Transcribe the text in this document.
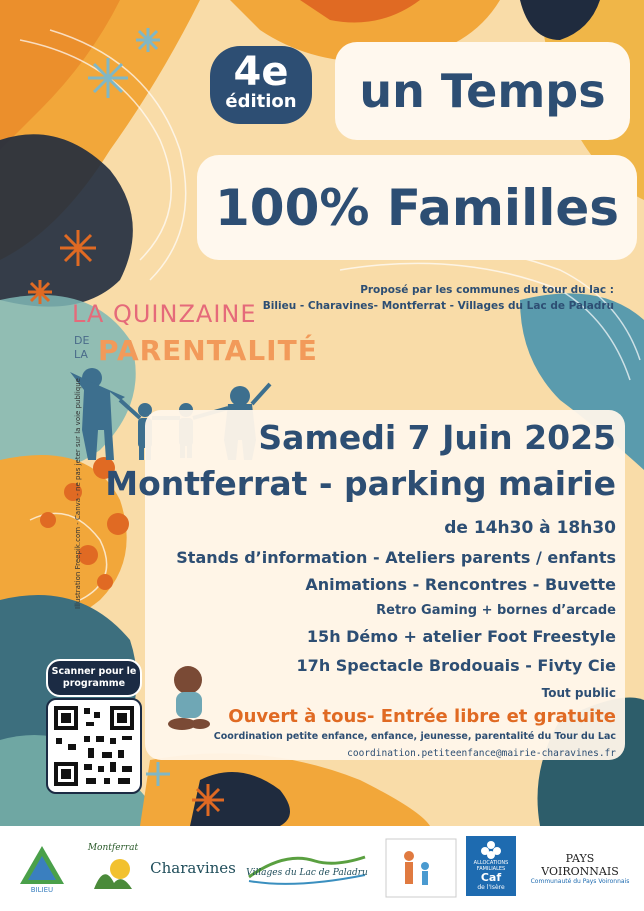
4e
édition	un Temps
100% Familles
Proposé par les communes du tour du lac :
Bilieu - Charavines- Montferrat - Villages du Lac de Paladru
LA QUINZAINE
DE
LA PARENTALITÉ
Samedi 7 Juin 2025
Montferrat - parking mairie
de 14h30 à 18h30
Stands d’information - Ateliers parents / enfants
Animations - Rencontres - Buvette
Retro Gaming + bornes d’arcade
15h Démo + atelier Foot Freestyle
17h Spectacle Brodouais - Fivty Cie
Tout public
Ouvert à tous- Entrée libre et gratuite
Coordination petite enfance, enfance, jeunesse, parentalité du Tour du Lac
coordination.petiteenfance@mairie-charavines.fr
Scanner pour le
programme
Illustration Freepik.com - Canva - ne pas jeter sur la voie publique
BILIEU
Montferrat
Charavines Villages du Lac de Paladru
ALLOCATIONS FAMILIALES
Caf
de l'Isère
PAYS VOIRONNAIS
Communauté du Pays Voironnais
